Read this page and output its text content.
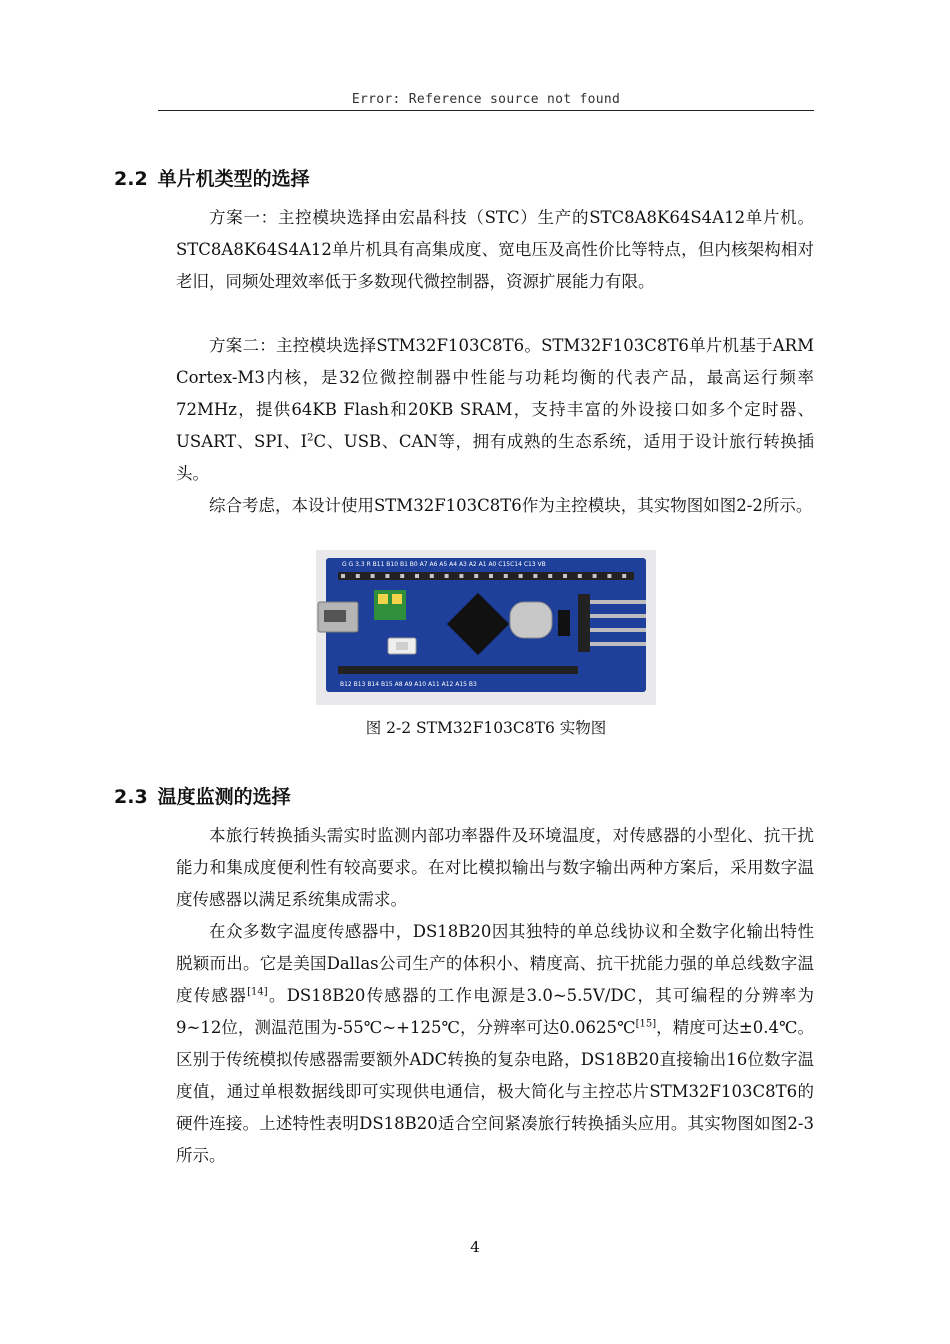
Error: Reference source not found
2.2 单片机类型的选择

方案一：主控模块选择由宏晶科技（STC）生产的STC8A8K64S4A12单片机。STC8A8K64S4A12单片机具有高集成度、宽电压及高性价比等特点，但内核架构相对老旧，同频处理效率低于多数现代微控制器，资源扩展能力有限。

方案二：主控模块选择STM32F103C8T6。STM32F103C8T6单片机基于ARM Cortex-M3内核，是32位微控制器中性能与功耗均衡的代表产品，最高运行频率72MHz，提供64KB Flash和20KB SRAM，支持丰富的外设接口如多个定时器、USART、SPI、$I^2C$、USB、CAN等，拥有成熟的生态系统，适用于设计旅行转换插头。

综合考虑，本设计使用STM32F103C8T6作为主控模块，其实物图如图2-2所示。

G G 3.3 R B11 B10 B1 B0 A7 A6 A5 A4 A3 A2 A1 A0 C15C14 C13 VB
B12 B13 B14 B15 A8 A9 A10 A11 A12 A15 B3
图 2-2 STM32F103C8T6 实物图
2.3 温度监测的选择

本旅行转换插头需实时监测内部功率器件及环境温度，对传感器的小型化、抗干扰能力和集成度便利性有较高要求。在对比模拟输出与数字输出两种方案后，采用数字温度传感器以满足系统集成需求。

在众多数字温度传感器中，DS18B20因其独特的单总线协议和全数字化输出特性脱颖而出。它是美国Dallas公司生产的体积小、精度高、抗干扰能力强的单总线数字温度传感器[14]。DS18B20传感器的工作电源是3.0~5.5V/DC，其可编程的分辨率为9~12位，测温范围为-55℃~+125℃，分辨率可达0.0625℃[15]，精度可达±0.4℃。区别于传统模拟传感器需要额外ADC转换的复杂电路，DS18B20直接输出16位数字温度值，通过单根数据线即可实现供电通信，极大简化与主控芯片STM32F103C8T6的硬件连接。上述特性表明DS18B20适合空间紧凑旅行转换插头应用。其实物图如图2-3所示。

4
